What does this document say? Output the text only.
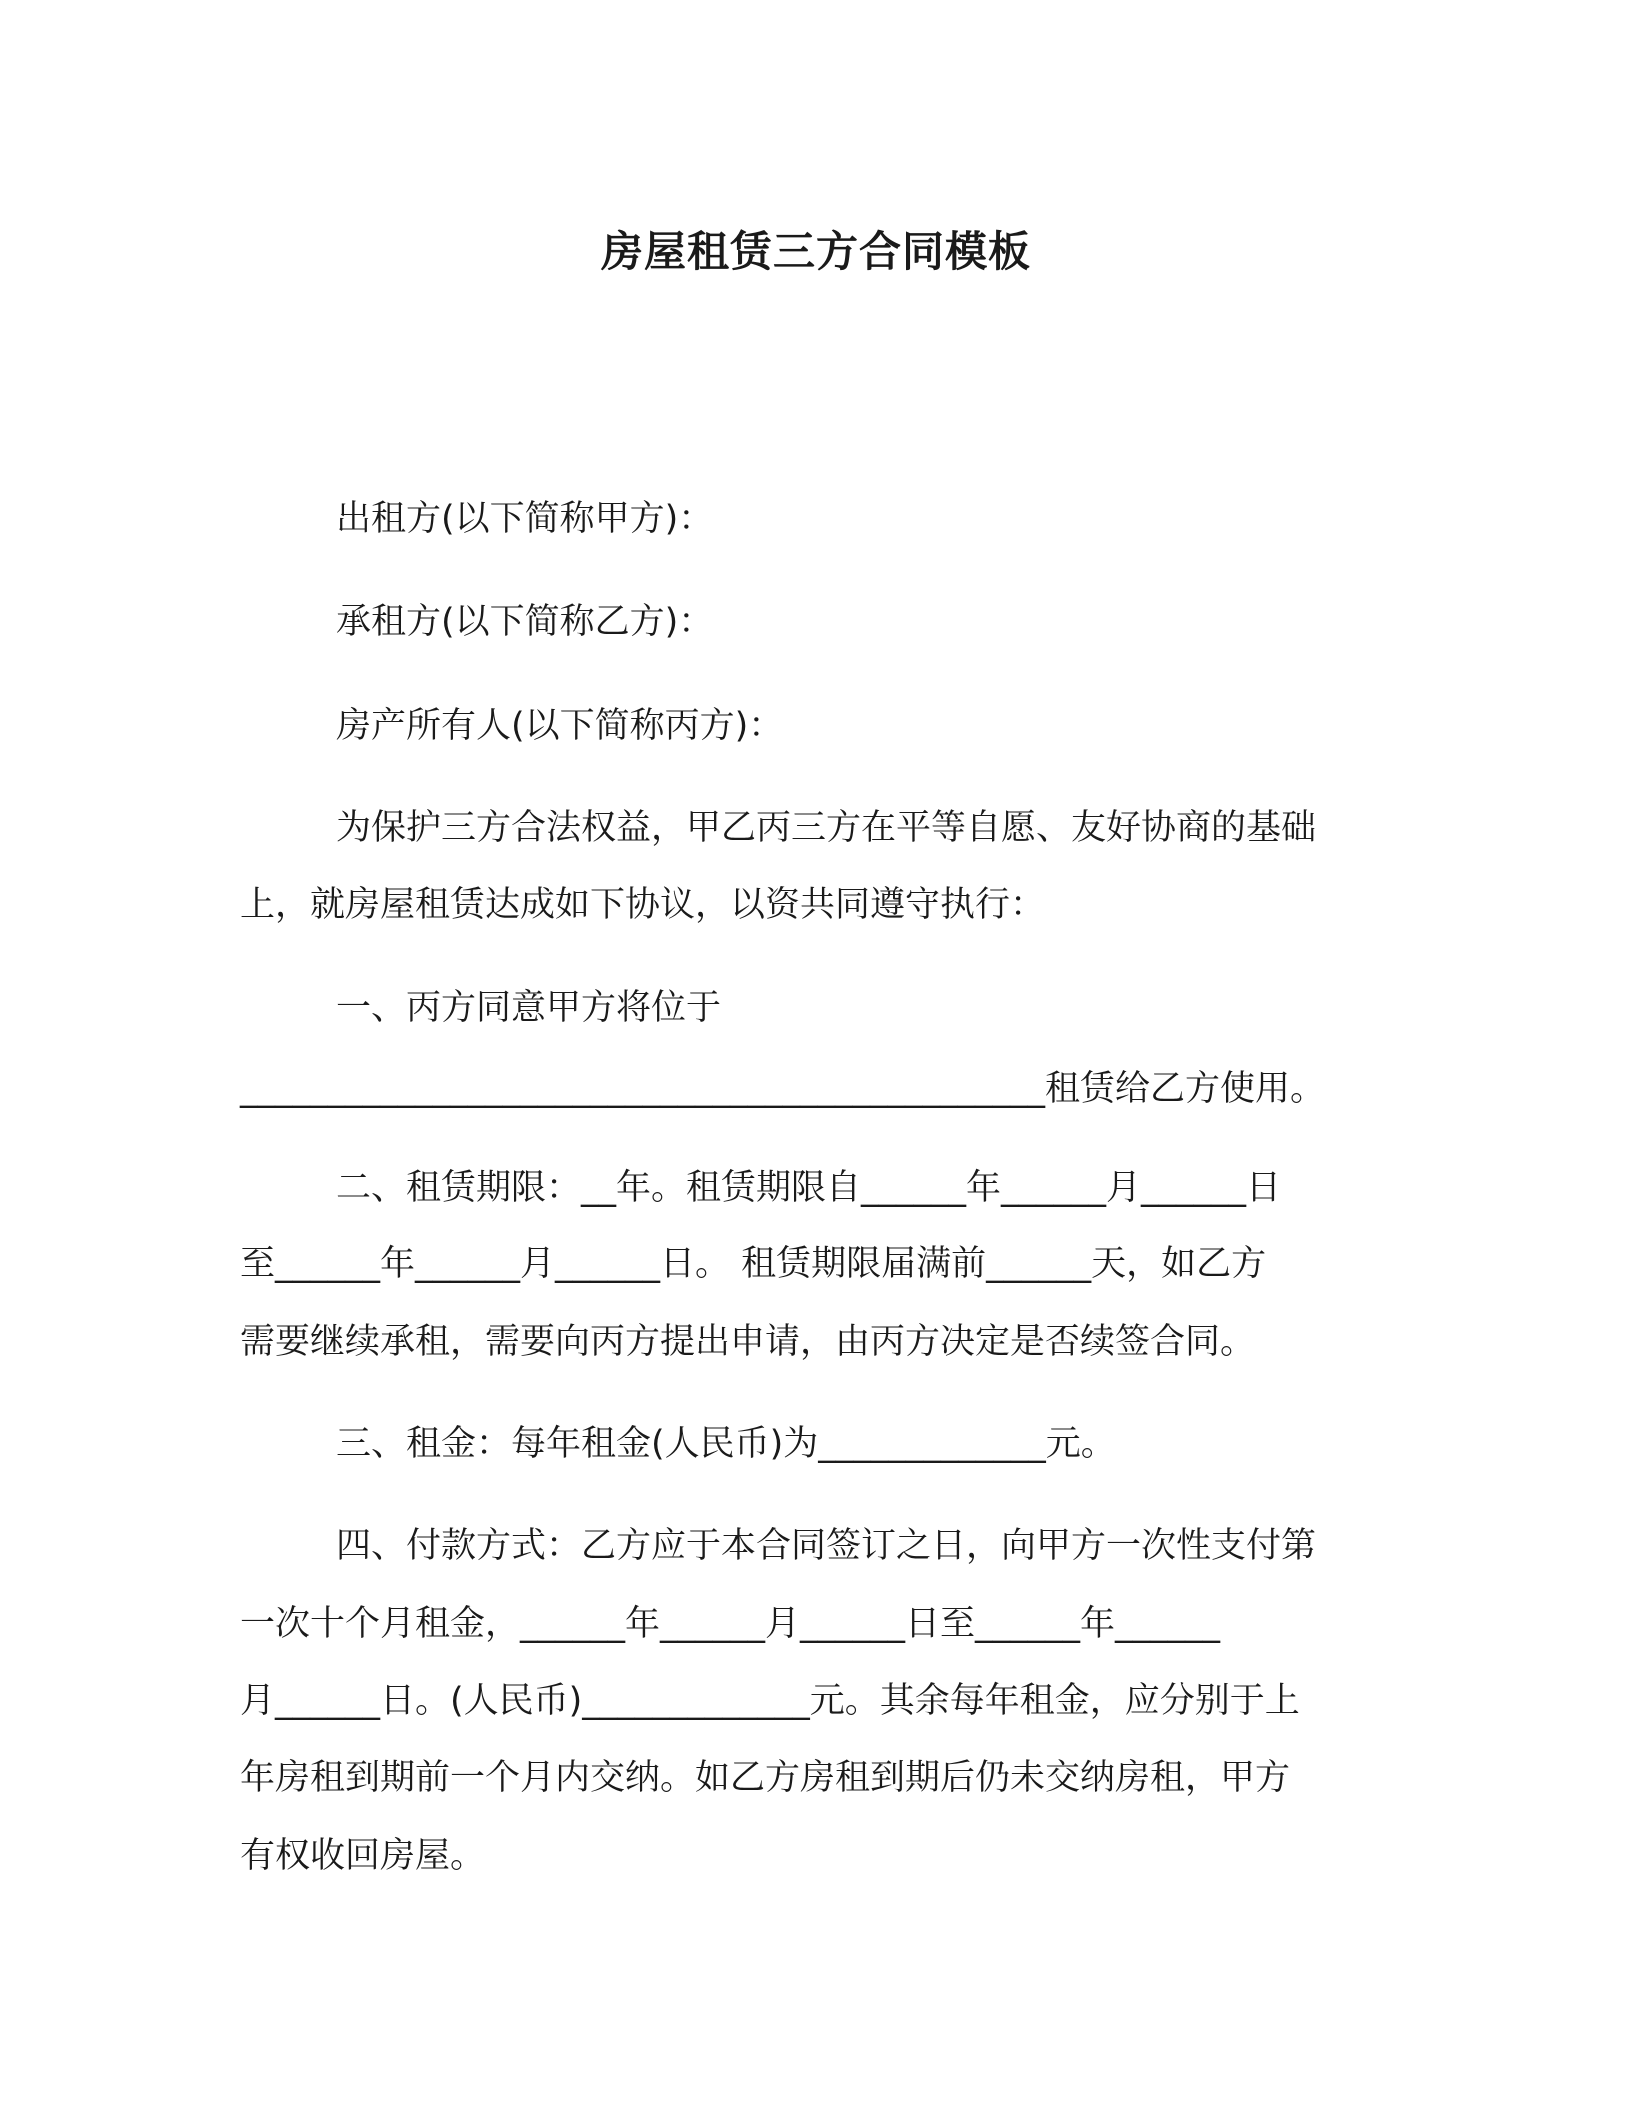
房屋租赁三方合同模板
出租方(以下简称甲方)：
承租方(以下简称乙方)：
房产所有人(以下简称丙方)：
为保护三方合法权益，甲乙丙三方在平等自愿、友好协商的基础
上，就房屋租赁达成如下协议，以资共同遵守执行：
一、丙方同意甲方将位于
______________________________________________租赁给乙方使用。
二、租赁期限：__年。租赁期限自______年______月______日
至______年______月______日。 租赁期限届满前______天，如乙方
需要继续承租，需要向丙方提出申请，由丙方决定是否续签合同。
三、租金：每年租金(人民币)为_____________元。
四、付款方式：乙方应于本合同签订之日，向甲方一次性支付第
一次十个月租金，______年______月______日至______年______
月______日。(人民币)_____________元。其余每年租金，应分别于上
年房租到期前一个月内交纳。如乙方房租到期后仍未交纳房租，甲方
有权收回房屋。
